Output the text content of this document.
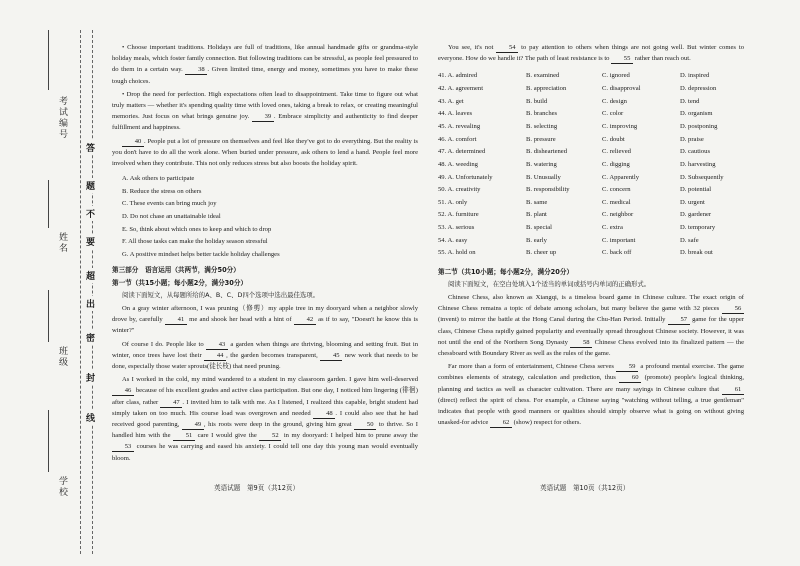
考试编号
姓名
班级
学校
答
题
不
要
超
出
密
封
线

• Choose important traditions. Holidays are full of traditions, like annual handmade gifts or grandma-style holiday meals, which foster family connection. But following traditions can be stressful, as people feel pressured to do them in a certain way. 38 . Given limited time, energy and money, sometimes you have to make these tough choices.

• Drop the need for perfection. High expectations often lead to disappointment. Take time to figure out what truly matters — whether it's spending quality time with loved ones, taking a break to relax, or creating meaningful memories. Just focus on what brings genuine joy. 39 . Embrace simplicity and authenticity to find deeper fulfillment and happiness.

40 . People put a lot of pressure on themselves and feel like they've got to do everything. But the reality is you don't have to do all the work alone. When buried under pressure, ask others to lend a hand. People feel more involved when they contribute. This not only reduces stress but also boosts the holiday spirit.

A. Ask others to participate
B. Reduce the stress on others
C. These events can bring much joy
D. Do not chase an unattainable ideal
E. So, think about which ones to keep and which to drop
F. All those tasks can make the holiday season stressful
G. A positive mindset helps better tackle holiday challenges
第三部分　语言运用（共两节，满分50分）
第一节（共15小题；每小题2分，满分30分）
阅读下面短文，从每题所给的A、B、C、D四个选项中选出最佳选项。

On a gray winter afternoon, I was pruning（修剪）my apple tree in my dooryard when a neighbor slowly drove by, carefully 41 me and shook her head with a hint of 42 as if to say, "Doesn't he know this is winter?"

Of course I do. People like to 43 a garden when things are thriving, blooming and setting fruit. But in winter, once trees have lost their 44 , the garden becomes transparent, 45 new work that needs to be done, especially those water sprouts(徒长枝) that need pruning.

As I worked in the cold, my mind wandered to a student in my classroom garden. I gave him well-deserved 46 because of his excellent grades and active class participation. But one day, I noticed him lingering (徘徊) after class, rather 47 . I invited him to talk with me. As I listened, I realized this capable, bright student had simply taken on too much. His course load was overgrown and needed 48 . I could also see that he had received good parenting, 49 , his roots were deep in the ground, giving him great 50 to thrive. So I handled him with the 51 care I would give the 52 in my dooryard: I helped him to prune away the 53 courses he was carrying and eased his anxiety. I could tell one day this young man would eventually bloom.

You see, it's not 54 to pay attention to others when things are not going well. But winter comes to everyone. How do we handle it? The path of least resistance is to 55 rather than reach out.

41. A. admired	B. examined	C. ignored	D. inspired
42. A. agreement	B. appreciation	C. disapproval	D. depression
43. A. get	B. build	C. design	D. tend
44. A. leaves	B. branches	C. color	D. organism
45. A. revealing	B. selecting	C. improving	D. postponing
46. A. comfort	B. pressure	C. doubt	D. praise
47. A. determined	B. disheartened	C. relieved	D. cautious
48. A. weeding	B. watering	C. digging	D. harvesting
49. A. Unfortunately	B. Unusually	C. Apparently	D. Subsequently
50. A. creativity	B. responsibility	C. concern	D. potential
51. A. only	B. same	C. medical	D. urgent
52. A. furniture	B. plant	C. neighbor	D. gardener
53. A. serious	B. special	C. extra	D. temporary
54. A. easy	B. early	C. important	D. safe
55. A. hold on	B. cheer up	C. back off	D. break out
第二节（共10小题；每小题2分，满分20分）
阅读下面短文，在空白处填入1个适当的单词或括号内单词的正确形式。

Chinese Chess, also known as Xiangqi, is a timeless board game in Chinese culture. The exact origin of Chinese Chess remains a topic of debate among scholars, but many believe the game with 32 pieces 56 (invent) to mirror the battle at the Hong Canal during the Chu-Han Period. Initially 57 game for the upper class, Chinese Chess rapidly gained popularity and eventually spread throughout Chinese society. However, it was not until the end of the Northern Song Dynasty 58 Chinese Chess evolved into its finalized pattern — the chessboard with Boundary River as well as the rules of the game.

Far more than a form of entertainment, Chinese Chess serves 59 a profound mental exercise. The game combines elements of strategy, calculation and prediction, thus 60 (promote) people's logical thinking, planning and tactics as well as character cultivation. There are many sayings in Chinese culture that 61 (direct) reflect the spirit of chess. For example, a Chinese saying "watching without telling, a true gentleman" indicates that people with good manners or qualities should simply observe what is going on without giving unasked-for advice 62 (show) respect for others.

英语试题　第9页（共12页）	英语试题　第10页（共12页）
